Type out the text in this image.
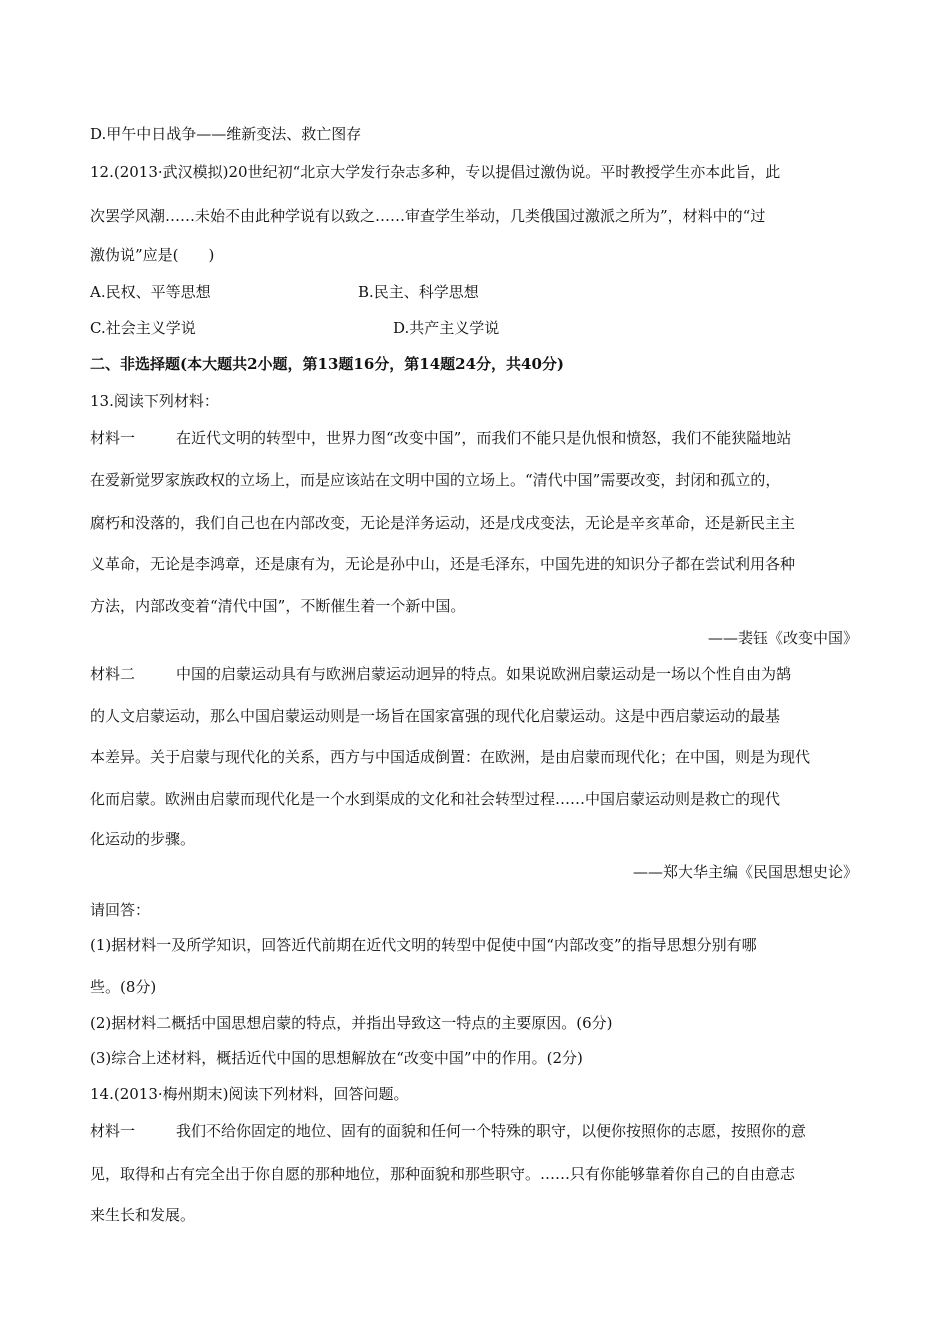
D.甲午中日战争——维新变法、救亡图存
12.(2013·武汉模拟)20世纪初“北京大学发行杂志多种，专以提倡过激伪说。平时教授学生亦本此旨，此
次罢学风潮……未始不由此种学说有以致之……审查学生举动，几类俄国过激派之所为”，材料中的“过
激伪说”应是(　　)
A.民权、平等思想	B.民主、科学思想
C.社会主义学说	D.共产主义学说
二、非选择题(本大题共2小题，第13题16分，第14题24分，共40分)
13.阅读下列材料：
材料一	在近代文明的转型中，世界力图“改变中国”，而我们不能只是仇恨和愤怒，我们不能狭隘地站
在爱新觉罗家族政权的立场上，而是应该站在文明中国的立场上。“清代中国”需要改变，封闭和孤立的，
腐朽和没落的，我们自己也在内部改变，无论是洋务运动，还是戊戌变法，无论是辛亥革命，还是新民主主
义革命，无论是李鸿章，还是康有为，无论是孙中山，还是毛泽东，中国先进的知识分子都在尝试利用各种
方法，内部改变着“清代中国”，不断催生着一个新中国。
——裴钰《改变中国》
材料二	中国的启蒙运动具有与欧洲启蒙运动迥异的特点。如果说欧洲启蒙运动是一场以个性自由为鹄
的人文启蒙运动，那么中国启蒙运动则是一场旨在国家富强的现代化启蒙运动。这是中西启蒙运动的最基
本差异。关于启蒙与现代化的关系，西方与中国适成倒置：在欧洲，是由启蒙而现代化；在中国，则是为现代
化而启蒙。欧洲由启蒙而现代化是一个水到渠成的文化和社会转型过程……中国启蒙运动则是救亡的现代
化运动的步骤。
——郑大华主编《民国思想史论》
请回答：
(1)据材料一及所学知识，回答近代前期在近代文明的转型中促使中国“内部改变”的指导思想分别有哪
些。(8分)
(2)据材料二概括中国思想启蒙的特点，并指出导致这一特点的主要原因。(6分)
(3)综合上述材料，概括近代中国的思想解放在“改变中国”中的作用。(2分)
14.(2013·梅州期末)阅读下列材料，回答问题。
材料一	我们不给你固定的地位、固有的面貌和任何一个特殊的职守，以便你按照你的志愿，按照你的意
见，取得和占有完全出于你自愿的那种地位，那种面貌和那些职守。……只有你能够靠着你自己的自由意志
来生长和发展。
